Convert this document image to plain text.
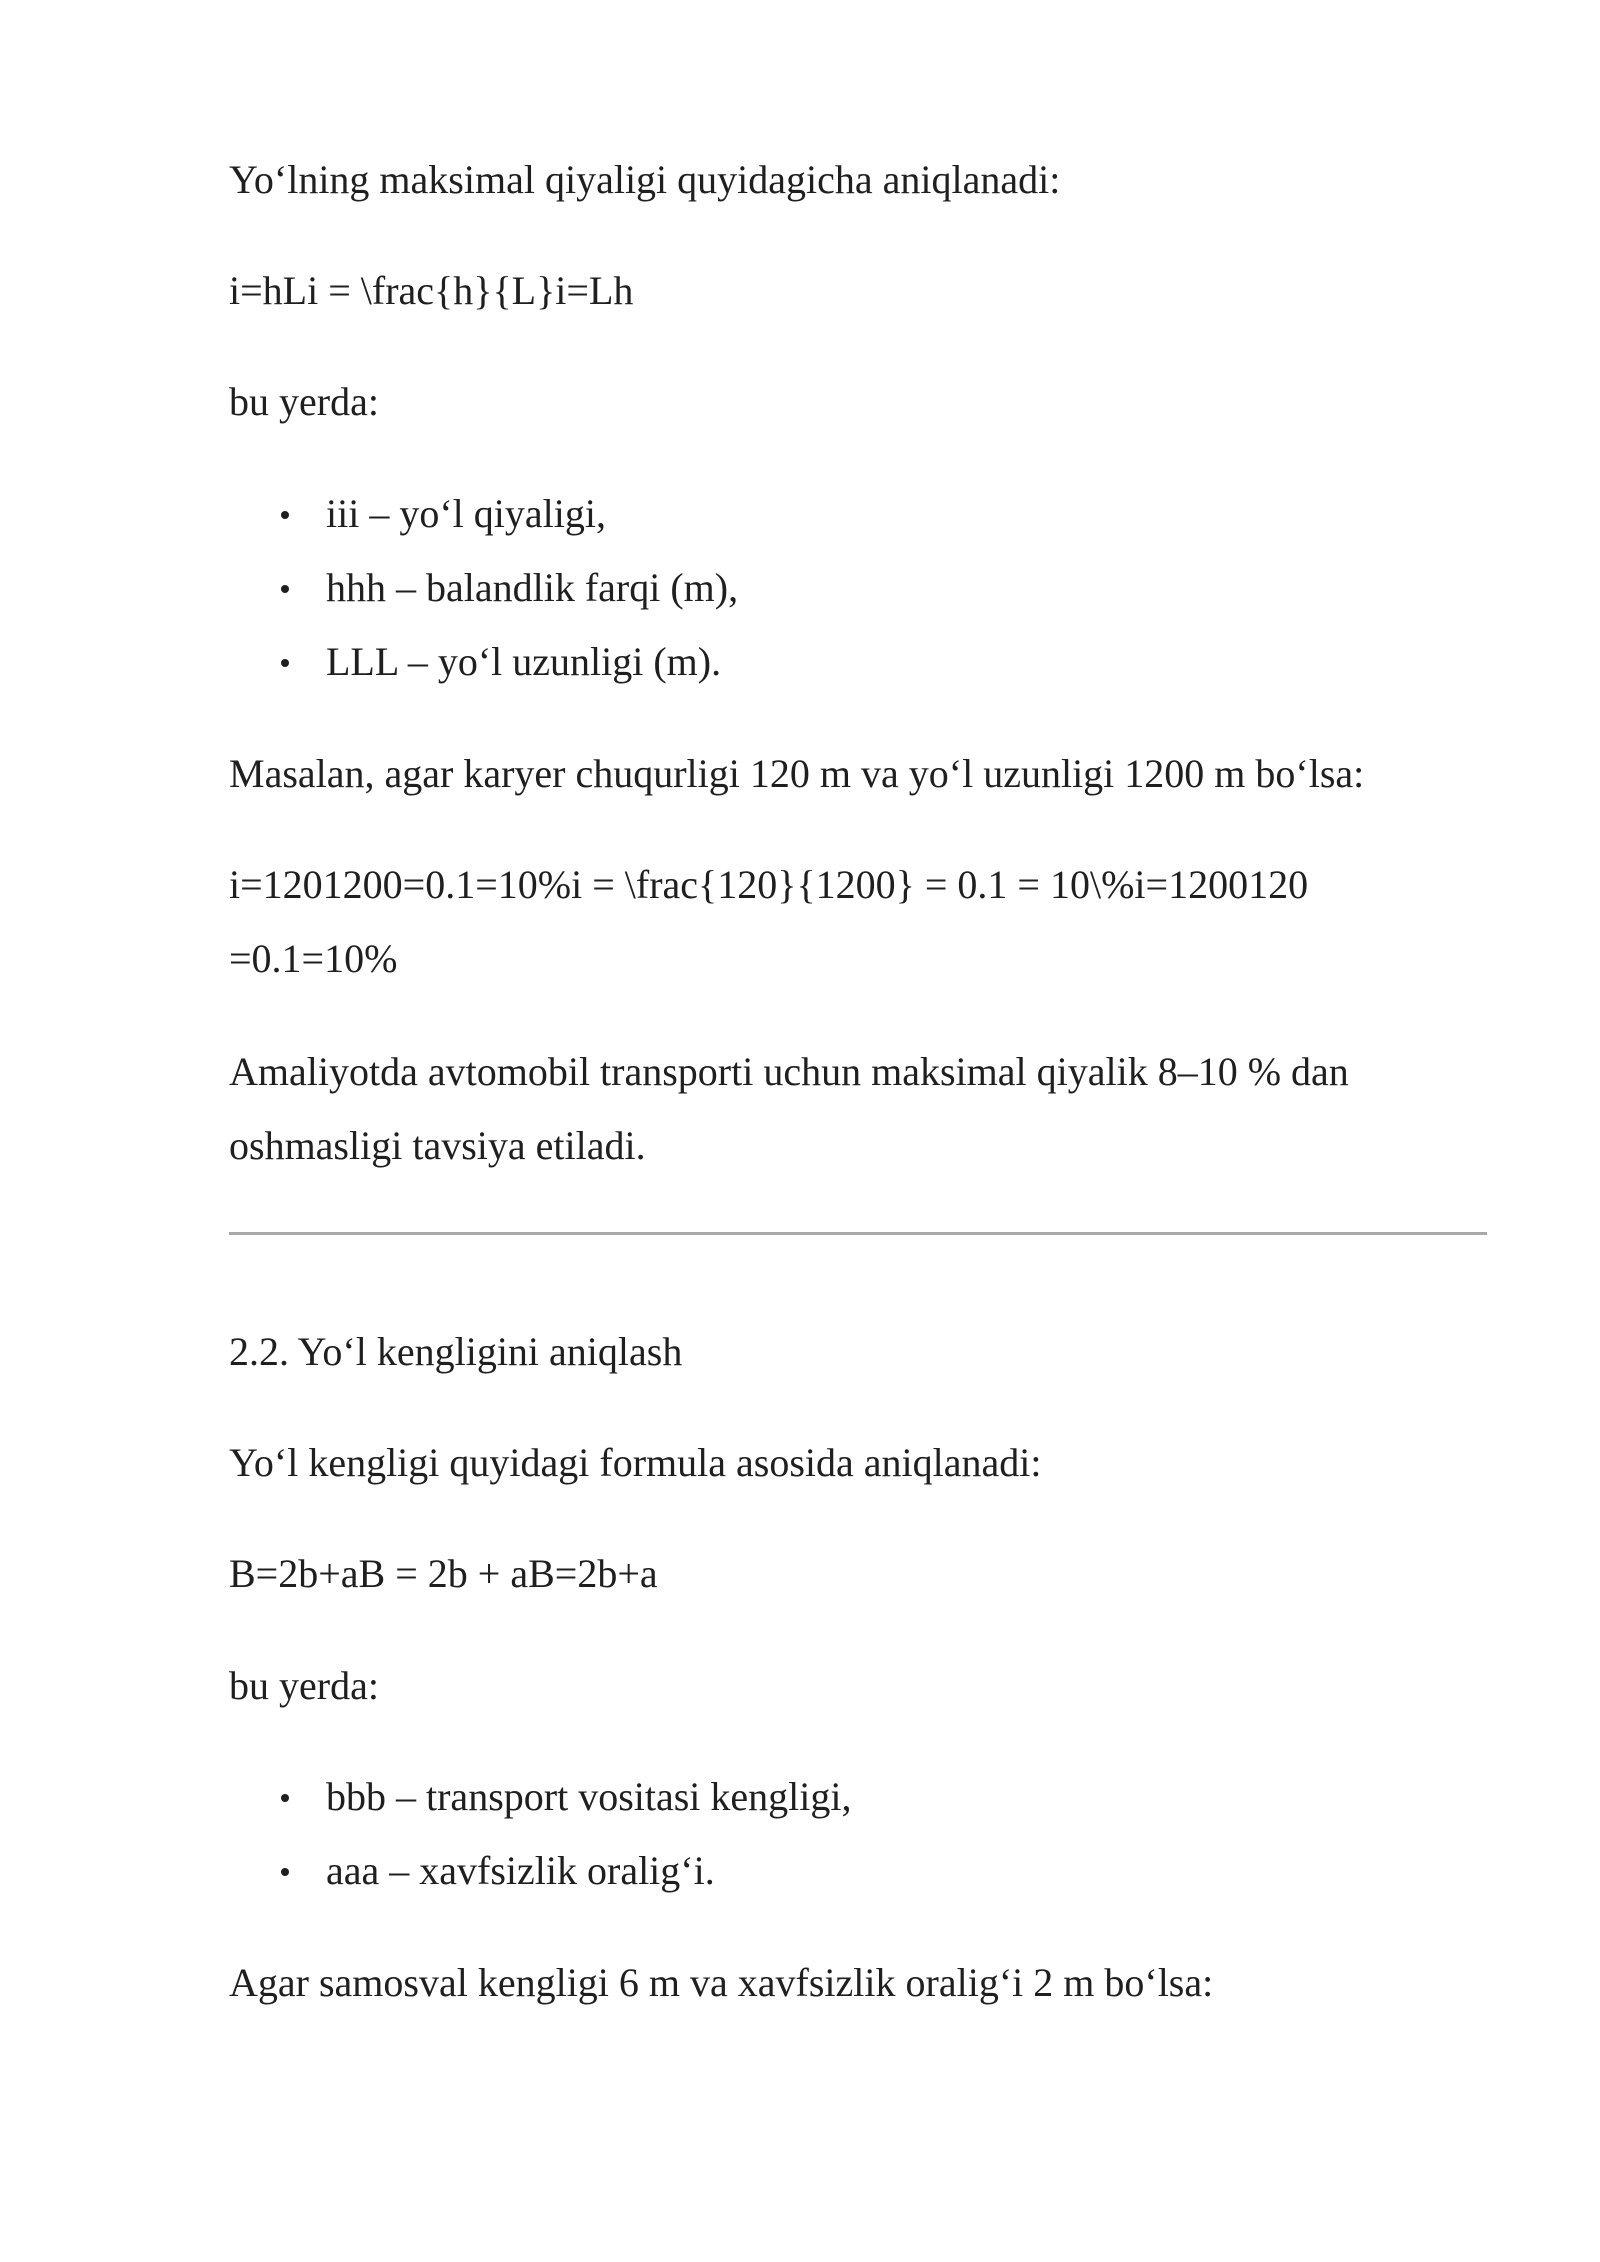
Yo‘lning maksimal qiyaligi quyidagicha aniqlanadi:
i=hLi = \frac{h}{L}i=Lh
bu yerda:
iii – yo‘l qiyaligi,
hhh – balandlik farqi (m),
LLL – yo‘l uzunligi (m).
Masalan, agar karyer chuqurligi 120 m va yo‘l uzunligi 1200 m bo‘lsa:
i=1201200=0.1=10%i = \frac{120}{1200} = 0.1 = 10\%i=1200120
=0.1=10%
Amaliyotda avtomobil transporti uchun maksimal qiyalik 8–10 % dan
oshmasligi tavsiya etiladi.
2.2. Yo‘l kengligini aniqlash
Yo‘l kengligi quyidagi formula asosida aniqlanadi:
B=2b+aB = 2b + aB=2b+a
bu yerda:
bbb – transport vositasi kengligi,
aaa – xavfsizlik oralig‘i.
Agar samosval kengligi 6 m va xavfsizlik oralig‘i 2 m bo‘lsa:
